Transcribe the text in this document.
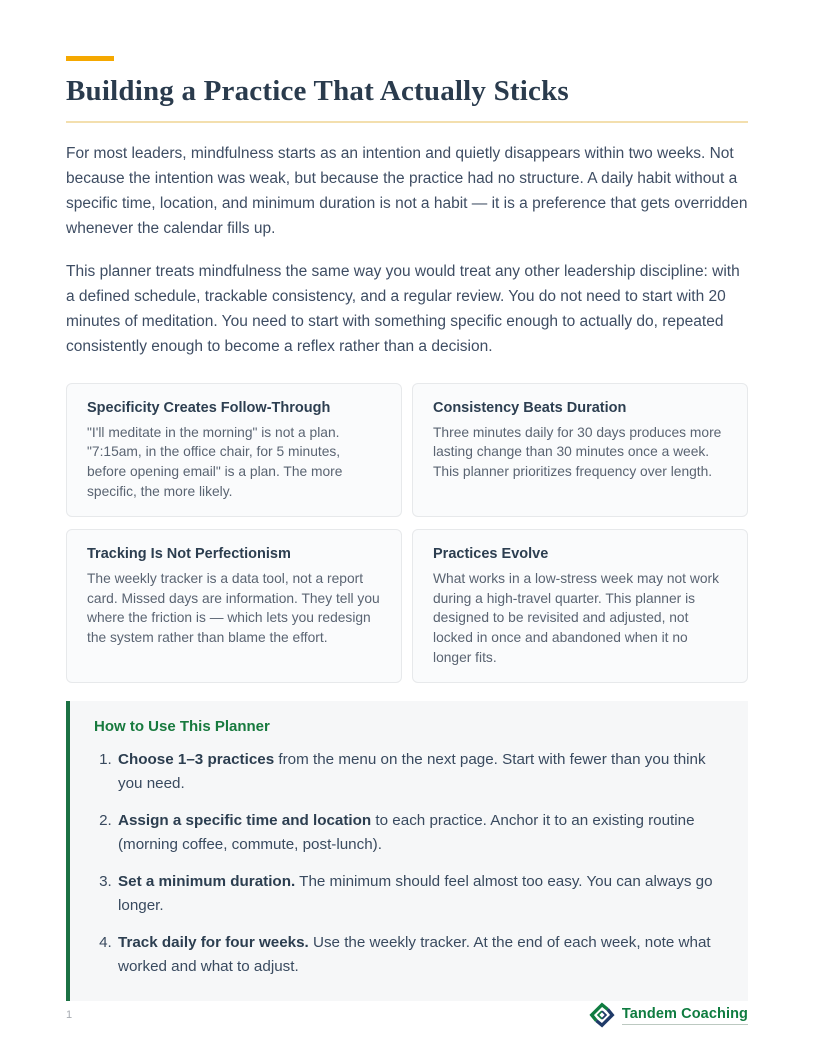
Building a Practice That Actually Sticks

For most leaders, mindfulness starts as an intention and quietly disappears within two weeks. Not because the intention was weak, but because the practice had no structure. A daily habit without a specific time, location, and minimum duration is not a habit — it is a preference that gets overridden whenever the calendar fills up.

This planner treats mindfulness the same way you would treat any other leadership discipline: with a defined schedule, trackable consistency, and a regular review. You do not need to start with 20 minutes of meditation. You need to start with something specific enough to actually do, repeated consistently enough to become a reflex rather than a decision.

Specificity Creates Follow-Through

"I'll meditate in the morning" is not a plan. "7:15am, in the office chair, for 5 minutes, before opening email" is a plan. The more specific, the more likely.

Consistency Beats Duration

Three minutes daily for 30 days produces more lasting change than 30 minutes once a week. This planner prioritizes frequency over length.

Tracking Is Not Perfectionism

The weekly tracker is a data tool, not a report card. Missed days are information. They tell you where the friction is — which lets you redesign the system rather than blame the effort.

Practices Evolve

What works in a low-stress week may not work during a high-travel quarter. This planner is designed to be revisited and adjusted, not locked in once and abandoned when it no longer fits.

How to Use This Planner
1. Choose 1–3 practices from the menu on the next page. Start with fewer than you think you need.
2. Assign a specific time and location to each practice. Anchor it to an existing routine (morning coffee, commute, post-lunch).
3. Set a minimum duration. The minimum should feel almost too easy. You can always go longer.
4. Track daily for four weeks. Use the weekly tracker. At the end of each week, note what worked and what to adjust.
1	Tandem Coaching
